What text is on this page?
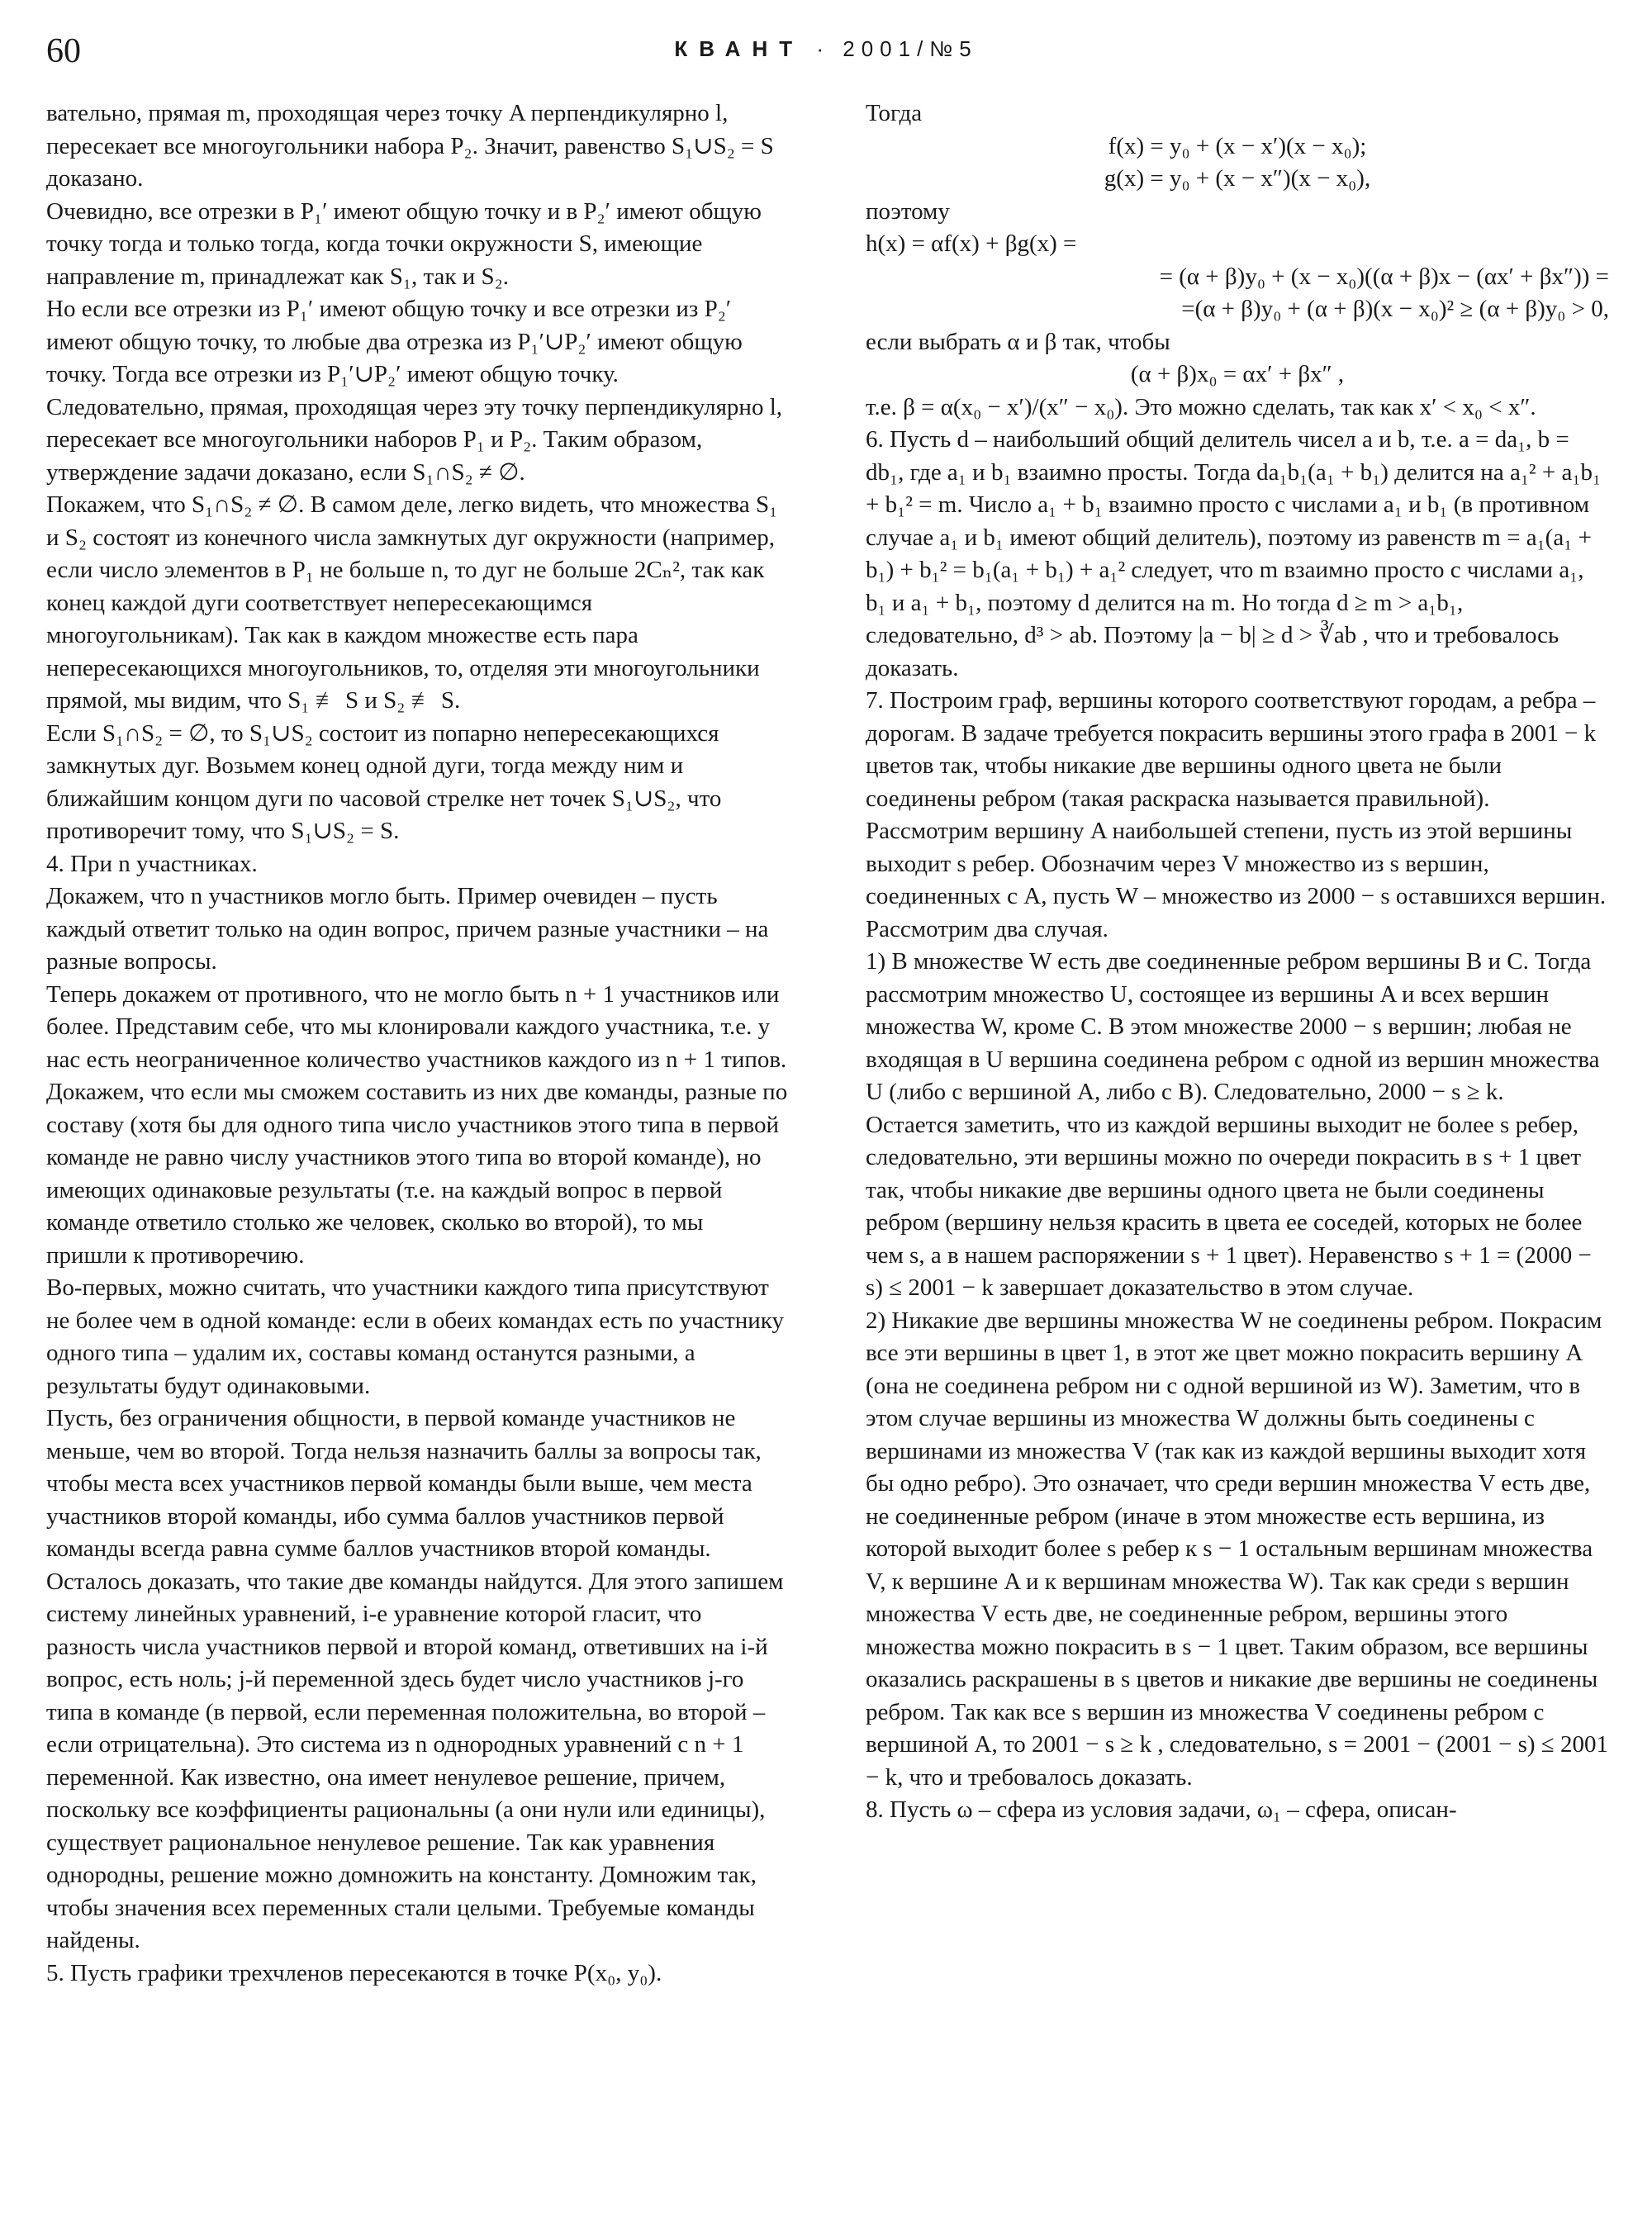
60	КВАНТ · 2001/№5

вательно, прямая m, проходящая через точку A перпендикулярно l, пересекает все многоугольники набора P₂. Значит, равенство S₁∪S₂ = S доказано.

Очевидно, все отрезки в P₁′ имеют общую точку и в P₂′ имеют общую точку тогда и только тогда, когда точки окружности S, имеющие направление m, принадлежат как S₁, так и S₂.

Но если все отрезки из P₁′ имеют общую точку и все отрезки из P₂′ имеют общую точку, то любые два отрезка из P₁′∪P₂′ имеют общую точку. Тогда все отрезки из P₁′∪P₂′ имеют общую точку.

Следовательно, прямая, проходящая через эту точку перпендикулярно l, пересекает все многоугольники наборов P₁ и P₂. Таким образом, утверждение задачи доказано, если S₁∩S₂ ≠ ∅.

Покажем, что S₁∩S₂ ≠ ∅. В самом деле, легко видеть, что множества S₁ и S₂ состоят из конечного числа замкнутых дуг окружности (например, если число элементов в P₁ не больше n, то дуг не больше 2Cₙ², так как конец каждой дуги соответствует непересекающимся многоугольникам). Так как в каждом множестве есть пара непересекающихся многоугольников, то, отделяя эти многоугольники прямой, мы видим, что S₁ ≢ S и S₂ ≢ S.

Если S₁∩S₂ = ∅, то S₁∪S₂ состоит из попарно непересекающихся замкнутых дуг. Возьмем конец одной дуги, тогда между ним и ближайшим концом дуги по часовой стрелке нет точек S₁∪S₂, что противоречит тому, что S₁∪S₂ = S.

4. При n участниках.

Докажем, что n участников могло быть. Пример очевиден – пусть каждый ответит только на один вопрос, причем разные участники – на разные вопросы.

Теперь докажем от противного, что не могло быть n + 1 участников или более. Представим себе, что мы клонировали каждого участника, т.е. у нас есть неограниченное количество участников каждого из n + 1 типов. Докажем, что если мы сможем составить из них две команды, разные по составу (хотя бы для одного типа число участников этого типа в первой команде не равно числу участников этого типа во второй команде), но имеющих одинаковые результаты (т.е. на каждый вопрос в первой команде ответило столько же человек, сколько во второй), то мы пришли к противоречию.

Во-первых, можно считать, что участники каждого типа присутствуют не более чем в одной команде: если в обеих командах есть по участнику одного типа – удалим их, составы команд останутся разными, а результаты будут одинаковыми.

Пусть, без ограничения общности, в первой команде участников не меньше, чем во второй. Тогда нельзя назначить баллы за вопросы так, чтобы места всех участников первой команды были выше, чем места участников второй команды, ибо сумма баллов участников первой команды всегда равна сумме баллов участников второй команды.

Осталось доказать, что такие две команды найдутся. Для этого запишем систему линейных уравнений, i-е уравнение которой гласит, что разность числа участников первой и второй команд, ответивших на i-й вопрос, есть ноль; j-й переменной здесь будет число участников j-го типа в команде (в первой, если переменная положительна, во второй – если отрицательна). Это система из n однородных уравнений с n + 1 переменной. Как известно, она имеет ненулевое решение, причем, поскольку все коэффициенты рациональны (а они нули или единицы), существует рациональное ненулевое решение. Так как уравнения однородны, решение можно домножить на константу. Домножим так, чтобы значения всех переменных стали целыми. Требуемые команды найдены.

5. Пусть графики трехчленов пересекаются в точке P(x₀, y₀).

Тогда

f(x) = y₀ + (x − x′)(x − x₀);

g(x) = y₀ + (x − x″)(x − x₀),

поэтому

h(x) = αf(x) + βg(x) =

= (α + β)y₀ + (x − x₀)((α + β)x − (αx′ + βx″)) =

=(α + β)y₀ + (α + β)(x − x₀)² ≥ (α + β)y₀ > 0,

если выбрать α и β так, чтобы

(α + β)x₀ = αx′ + βx″ ,

т.е. β = α(x₀ − x′)/(x″ − x₀). Это можно сделать, так как x′ < x₀ < x″.

6. Пусть d – наибольший общий делитель чисел a и b, т.е. a = da₁, b = db₁, где a₁ и b₁ взаимно просты. Тогда da₁b₁(a₁ + b₁) делится на a₁² + a₁b₁ + b₁² = m. Число a₁ + b₁ взаимно просто с числами a₁ и b₁ (в противном случае a₁ и b₁ имеют общий делитель), поэтому из равенств m = a₁(a₁ + b₁) + b₁² = b₁(a₁ + b₁) + a₁² следует, что m взаимно просто с числами a₁, b₁ и a₁ + b₁, поэтому d делится на m. Но тогда d ≥ m > a₁b₁, следовательно, d³ > ab. Поэтому |a − b| ≥ d > ∛ab , что и требовалось доказать.

7. Построим граф, вершины которого соответствуют городам, а ребра – дорогам. В задаче требуется покрасить вершины этого графа в 2001 − k цветов так, чтобы никакие две вершины одного цвета не были соединены ребром (такая раскраска называется правильной).

Рассмотрим вершину A наибольшей степени, пусть из этой вершины выходит s ребер. Обозначим через V множество из s вершин, соединенных с A, пусть W – множество из 2000 − s оставшихся вершин. Рассмотрим два случая.

1) В множестве W есть две соединенные ребром вершины B и C. Тогда рассмотрим множество U, состоящее из вершины A и всех вершин множества W, кроме C. В этом множестве 2000 − s вершин; любая не входящая в U вершина соединена ребром с одной из вершин множества U (либо с вершиной A, либо с B). Следовательно, 2000 − s ≥ k.

Остается заметить, что из каждой вершины выходит не более s ребер, следовательно, эти вершины можно по очереди покрасить в s + 1 цвет так, чтобы никакие две вершины одного цвета не были соединены ребром (вершину нельзя красить в цвета ее соседей, которых не более чем s, а в нашем распоряжении s + 1 цвет). Неравенство s + 1 = (2000 − s) ≤ 2001 − k завершает доказательство в этом случае.

2) Никакие две вершины множества W не соединены ребром. Покрасим все эти вершины в цвет 1, в этот же цвет можно покрасить вершину A (она не соединена ребром ни с одной вершиной из W). Заметим, что в этом случае вершины из множества W должны быть соединены с вершинами из множества V (так как из каждой вершины выходит хотя бы одно ребро). Это означает, что среди вершин множества V есть две, не соединенные ребром (иначе в этом множестве есть вершина, из которой выходит более s ребер к s − 1 остальным вершинам множества V, к вершине A и к вершинам множества W). Так как среди s вершин множества V есть две, не соединенные ребром, вершины этого множества можно покрасить в s − 1 цвет. Таким образом, все вершины оказались раскрашены в s цветов и никакие две вершины не соединены ребром. Так как все s вершин из множества V соединены ребром с вершиной A, то 2001 − s ≥ k , следовательно, s = 2001 − (2001 − s) ≤ 2001 − k, что и требовалось доказать.

8. Пусть ω – сфера из условия задачи, ω₁ – сфера, описан-
